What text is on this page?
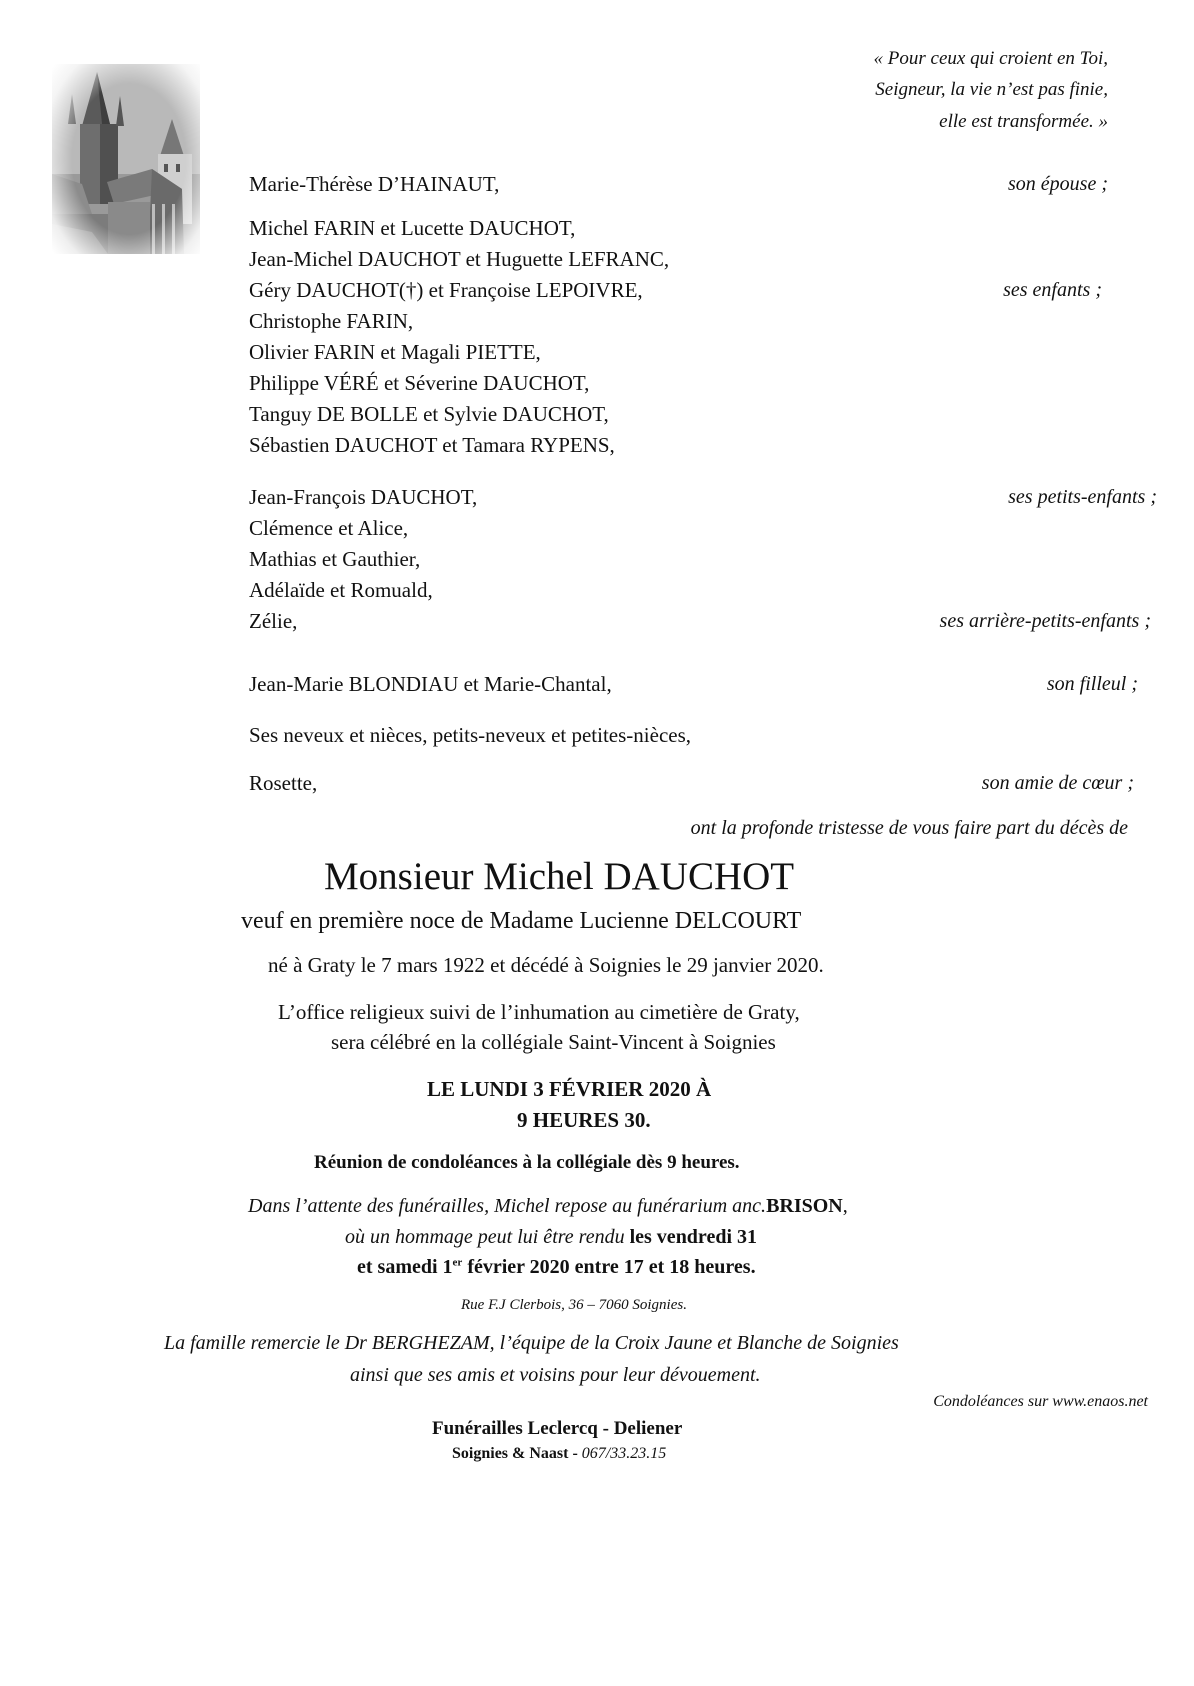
« Pour ceux qui croient en Toi,
Seigneur, la vie n’est pas finie,
elle est transformée. »
Marie-Thérèse D’HAINAUT,	son épouse ;
Michel FARIN et Lucette DAUCHOT,
Jean-Michel DAUCHOT et Huguette LEFRANC,
Géry DAUCHOT(†) et Françoise LEPOIVRE,
Christophe FARIN,
Olivier FARIN et Magali PIETTE,
Philippe VÉRÉ et Séverine DAUCHOT,
Tanguy DE BOLLE et Sylvie DAUCHOT,
Sébastien DAUCHOT et Tamara RYPENS,
ses enfants ;
Jean-François DAUCHOT,	ses petits-enfants ;
Clémence et Alice,
Mathias et Gauthier,
Adélaïde et Romuald,
Zélie,	ses arrière-petits-enfants ;
Jean-Marie BLONDIAU et Marie-Chantal,	son filleul ;
Ses neveux et nièces, petits-neveux et petites-nièces,
Rosette,	son amie de cœur ;
ont la profonde tristesse de vous faire part du décès de
Monsieur Michel DAUCHOT
veuf en première noce de Madame Lucienne DELCOURT
né à Graty le 7 mars 1922 et décédé à Soignies le 29 janvier 2020.
L’office religieux suivi de l’inhumation au cimetière de Graty,
sera célébré en la collégiale Saint-Vincent à Soignies
LE LUNDI 3 FÉVRIER 2020 À
9 HEURES 30.
Réunion de condoléances à la collégiale dès 9 heures.
Dans l’attente des funérailles, Michel repose au funérarium anc.BRISON,
où un hommage peut lui être rendu les vendredi 31
et samedi 1er février 2020 entre 17 et 18 heures.
Rue F.J Clerbois, 36 – 7060 Soignies.
La famille remercie le Dr BERGHEZAM, l’équipe de la Croix Jaune et Blanche de Soignies
ainsi que ses amis et voisins pour leur dévouement.
Condoléances sur www.enaos.net
Funérailles Leclercq - Deliener
Soignies & Naast - 067/33.23.15
